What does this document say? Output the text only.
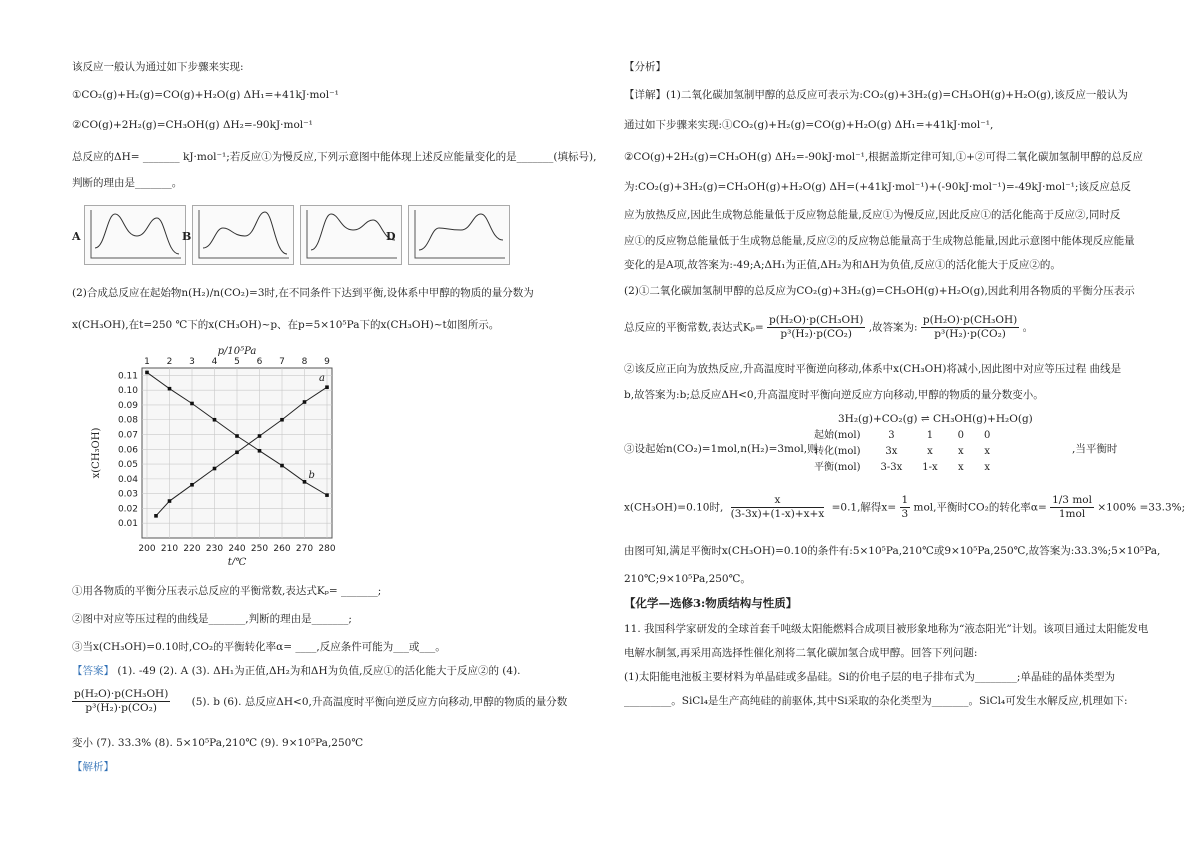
该反应一般认为通过如下步骤来实现:
①CO₂(g)+H₂(g)=CO(g)+H₂O(g) ΔH₁=+41kJ·mol⁻¹
②CO(g)+2H₂(g)=CH₃OH(g) ΔH₂=-90kJ·mol⁻¹
总反应的ΔH= _______ kJ·mol⁻¹;若反应①为慢反应,下列示意图中能体现上述反应能量变化的是_______(填标号),
判断的理由是_______。
A	B	D
(2)合成总反应在起始物n(H₂)/n(CO₂)=3时,在不同条件下达到平衡,设体系中甲醇的物质的量分数为
x(CH₃OH),在t=250 ℃下的x(CH₃OH)~p、在p=5×10⁵Pa下的x(CH₃OH)~t如图所示。
0.01
0.02
0.03
0.04
0.05
0.06
0.07
0.08
0.09
0.10
0.11
200 210 220 230 240 250 260 270 280
1 2 3 4 5 6 7 8 9
p/10⁵Pa
t/℃
x(CH₃OH)
a
b
①用各物质的平衡分压表示总反应的平衡常数,表达式Kₚ= _______;
②图中对应等压过程的曲线是_______,判断的理由是_______;
③当x(CH₃OH)=0.10时,CO₂的平衡转化率α= ____,反应条件可能为___或___。
【答案】 (1). -49 (2). A (3). ΔH₁为正值,ΔH₂为和ΔH为负值,反应①的活化能大于反应②的 (4).
$\frac{\text{p(H₂O)·p(CH₃OH)}}{\text{p³(H₂)·p(CO₂)}} (5)$. b (6). 总反应ΔH<0,升高温度时平衡向逆反应方向移动,甲醇的物质的量分数
变小 (7). 33.3% (8). 5×10⁵Pa,210℃ (9). 9×10⁵Pa,250℃
【解析】
【分析】
【详解】(1)二氧化碳加氢制甲醇的总反应可表示为:CO₂(g)+3H₂(g)=CH₃OH(g)+H₂O(g),该反应一般认为
通过如下步骤来实现:①CO₂(g)+H₂(g)=CO(g)+H₂O(g) ΔH₁=+41kJ·mol⁻¹,
②CO(g)+2H₂(g)=CH₃OH(g) ΔH₂=-90kJ·mol⁻¹,根据盖斯定律可知,①+②可得二氧化碳加氢制甲醇的总反应
为:CO₂(g)+3H₂(g)=CH₃OH(g)+H₂O(g) ΔH=(+41kJ·mol⁻¹)+(-90kJ·mol⁻¹)=-49kJ·mol⁻¹;该反应总反
应为放热反应,因此生成物总能量低于反应物总能量,反应①为慢反应,因此反应①的活化能高于反应②,同时反
应①的反应物总能量低于生成物总能量,反应②的反应物总能量高于生成物总能量,因此示意图中能体现反应能量
变化的是A项,故答案为:-49;A;ΔH₁为正值,ΔH₂为和ΔH为负值,反应①的活化能大于反应②的。
(2)①二氧化碳加氢制甲醇的总反应为CO₂(g)+3H₂(g)=CH₃OH(g)+H₂O(g),因此利用各物质的平衡分压表示
总反应的平衡常数,表达式$K_p= \frac{\text{p(H₂O)·p(CH₃OH)}}{\text{p³(H₂)·p(CO₂)}}$ ,故答案为: $\frac{\text{p(H₂O)·p(CH₃OH)}}{\text{p³(H₂)·p(CO₂)}}$ 。
②该反应正向为放热反应,升高温度时平衡逆向移动,体系中x(CH₃OH)将减小,因此图中对应等压过程 曲线是
b,故答案为:b;总反应ΔH<0,升高温度时平衡向逆反应方向移动,甲醇的物质的量分数变小。
3H₂(g)+CO₂(g) ⇌ CH₃OH(g)+H₂O(g)
③设起始n(CO₂)=1mol,n(H₂)=3mol,则
起始(mol)	3	1	0	0
转化(mol)	3x	x	x	x
平衡(mol)	3-3x	1-x	x	x
,当平衡时
x(CH₃OH)=0.10时, $\frac{x}{(3-3x)+(1-x)+x+x} =0.1$,解得$x= \frac{1}{3}$ mol,平衡时CO₂的转化率$\alpha= \frac{\text{1/3 mol}}{\text{1mol}} \times 100\% =33.3\%$;
由图可知,满足平衡时x(CH₃OH)=0.10的条件有:5×10⁵Pa,210℃或9×10⁵Pa,250℃,故答案为:33.3%;5×10⁵Pa,
210℃;9×10⁵Pa,250℃。
【化学—选修3:物质结构与性质】
11. 我国科学家研发的全球首套千吨级太阳能燃料合成项目被形象地称为“液态阳光”计划。该项目通过太阳能发电
电解水制氢,再采用高选择性催化剂将二氧化碳加氢合成甲醇。回答下列问题:
(1)太阳能电池板主要材料为单晶硅或多晶硅。Si的价电子层的电子排布式为________;单晶硅的晶体类型为
_________。SiCl₄是生产高纯硅的前驱体,其中Si采取的杂化类型为_______。SiCl₄可发生水解反应,机理如下:
